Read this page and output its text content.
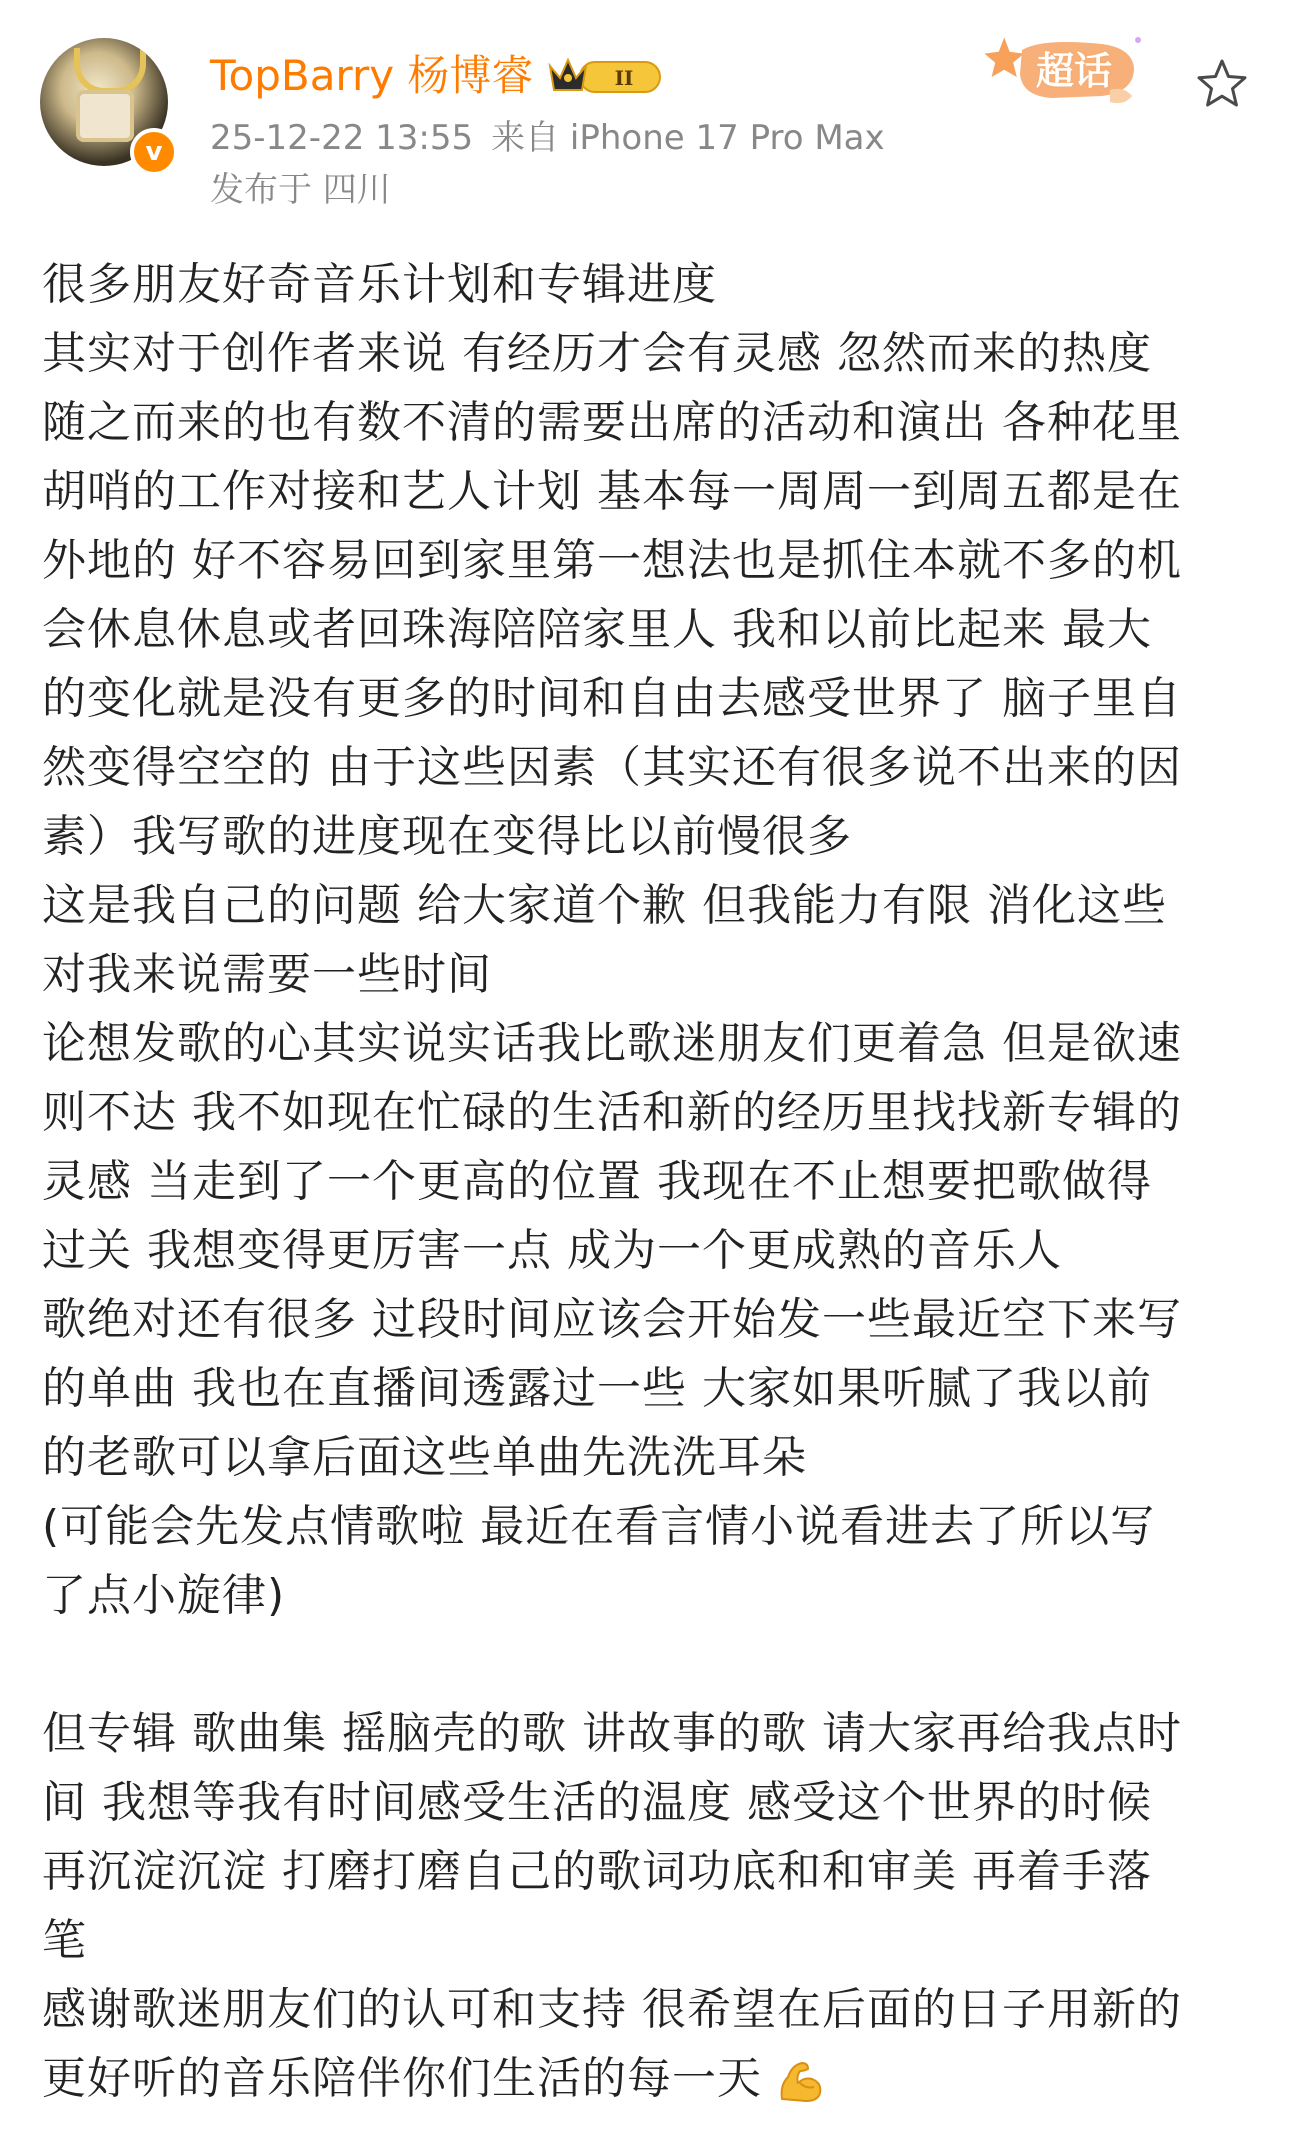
v
TopBarry 杨博睿	II
25-12-22 13:55 来自 iPhone 17 Pro Max
发布于 四川
超话
很多朋友好奇音乐计划和专辑进度
其实对于创作者来说 有经历才会有灵感 忽然而来的热度
随之而来的也有数不清的需要出席的活动和演出 各种花里
胡哨的工作对接和艺人计划 基本每一周周一到周五都是在
外地的 好不容易回到家里第一想法也是抓住本就不多的机
会休息休息或者回珠海陪陪家里人 我和以前比起来 最大
的变化就是没有更多的时间和自由去感受世界了 脑子里自
然变得空空的 由于这些因素（其实还有很多说不出来的因
素）我写歌的进度现在变得比以前慢很多
这是我自己的问题 给大家道个歉 但我能力有限 消化这些
对我来说需要一些时间
论想发歌的心其实说实话我比歌迷朋友们更着急 但是欲速
则不达 我不如现在忙碌的生活和新的经历里找找新专辑的
灵感 当走到了一个更高的位置 我现在不止想要把歌做得
过关 我想变得更厉害一点 成为一个更成熟的音乐人
歌绝对还有很多 过段时间应该会开始发一些最近空下来写
的单曲 我也在直播间透露过一些 大家如果听腻了我以前
的老歌可以拿后面这些单曲先洗洗耳朵
(可能会先发点情歌啦 最近在看言情小说看进去了所以写
了点小旋律)
但专辑 歌曲集 摇脑壳的歌 讲故事的歌 请大家再给我点时
间 我想等我有时间感受生活的温度 感受这个世界的时候
再沉淀沉淀 打磨打磨自己的歌词功底和和审美 再着手落
笔
感谢歌迷朋友们的认可和支持 很希望在后面的日子用新的
更好听的音乐陪伴你们生活的每一天
